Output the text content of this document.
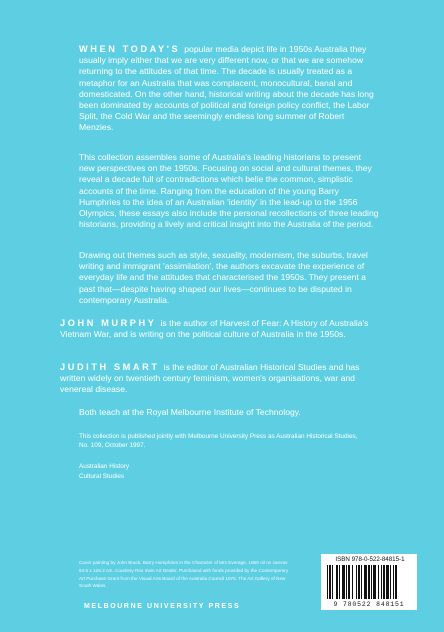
WHEN TODAY'S popular media depict life in 1950s Australia they usually imply either that we are very different now, or that we are somehow returning to the attitudes of that time. The decade is usually treated as a metaphor for an Australia that was complacent, monocultural, banal and domesticated. On the other hand, historical writing about the decade has long been dominated by accounts of political and foreign policy conflict, the Labor Split, the Cold War and the seemingly endless long summer of Robert Menzies.

This collection assembles some of Australia's leading historians to present new perspectives on the 1950s. Focusing on social and cultural themes, they reveal a decade full of contradictions which belie the common, simplistic accounts of the time. Ranging from the education of the young Barry Humphries to the idea of an Australian 'identity' in the lead-up to the 1956 Olympics, these essays also include the personal recollections of three leading historians, providing a lively and critical insight into the Australia of the period.

Drawing out themes such as style, sexuality, modernism, the suburbs, travel writing and immigrant 'assimilation', the authors excavate the experience of everyday life and the attitudes that characterised the 1950s. They present a past that—despite having shaped our lives—continues to be disputed in contemporary Australia.

JOHN MURPHY is the author of Harvest of Fear: A History of Australia's Vietnam War, and is writing on the political culture of Australia in the 1950s.

JUDITH SMART is the editor of Australian Historical Studies and has written widely on twentieth century feminism, women's organisations, war and venereal disease.

Both teach at the Royal Melbourne Institute of Technology.

This collection is published jointly with Melbourne University Press as Australian Historical Studies, No. 109, October 1997.

Australian History

Cultural Studies

Cover painting by John Brack, Barry Humphries in the Character of Mrs Everage, 1969 oil on canvas 94.5 x 128.2 cm. Courtesy Rex Irwin Art Dealer. Purchased with funds provided by the Contemporary Art Purchase Grant from the Visual Arts Board of the Australia Council 1975. The Art Gallery of New South Wales.

MELBOURNE UNIVERSITY PRESS
ISBN 978-0-522-84815-1
9 780522 848151
